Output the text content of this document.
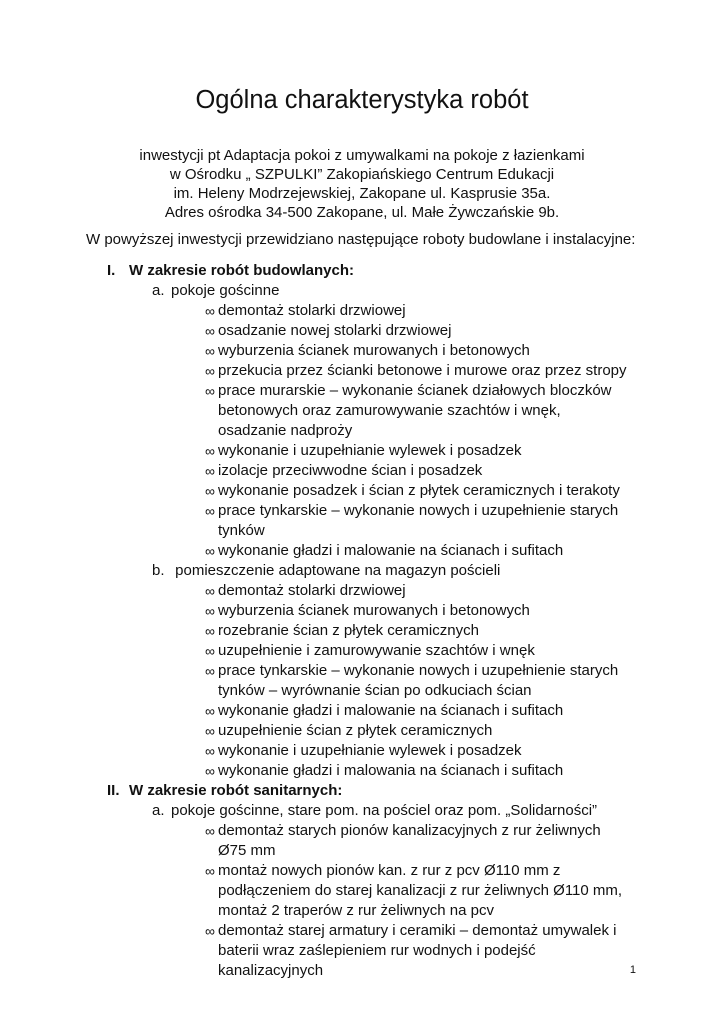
Ogólna charakterystyka robót
inwestycji pt Adaptacja pokoi z umywalkami na pokoje z łazienkami
w Ośrodku „ SZPULKI” Zakopiańskiego Centrum Edukacji
im. Heleny Modrzejewskiej, Zakopane ul. Kasprusie 35a.
Adres ośrodka 34-500 Zakopane, ul. Małe Żywczańskie 9b.
W powyższej inwestycji przewidziano następujące roboty budowlane i instalacyjne:
I. W zakresie robót budowlanych:
a. pokoje gościnne
∞ demontaż stolarki drzwiowej
∞ osadzanie nowej stolarki drzwiowej
∞ wyburzenia ścianek murowanych i betonowych
∞ przekucia przez ścianki betonowe i murowe oraz przez stropy
∞ prace murarskie – wykonanie ścianek działowych bloczków betonowych oraz zamurowywanie szachtów i wnęk, osadzanie nadproży
∞ wykonanie i uzupełnianie wylewek i posadzek
∞ izolacje przeciwwodne ścian i posadzek
∞ wykonanie posadzek i ścian z płytek ceramicznych i terakoty
∞ prace tynkarskie – wykonanie nowych i uzupełnienie starych tynków
∞ wykonanie gładzi i malowanie na ścianach i sufitach
b. pomieszczenie adaptowane na magazyn pościeli
∞ demontaż stolarki drzwiowej
∞ wyburzenia ścianek murowanych i betonowych
∞ rozebranie ścian z płytek ceramicznych
∞ uzupełnienie i zamurowywanie szachtów i wnęk
∞ prace tynkarskie – wykonanie nowych i uzupełnienie starych tynków – wyrównanie ścian po odkuciach ścian
∞ wykonanie gładzi i malowanie na ścianach i sufitach
∞ uzupełnienie ścian z płytek ceramicznych
∞ wykonanie i uzupełnianie wylewek i posadzek
∞ wykonanie gładzi i malowania na ścianach i sufitach
II. W zakresie robót sanitarnych:
a. pokoje gościnne, stare pom. na pościel oraz pom. „Solidarności”
∞ demontaż starych pionów kanalizacyjnych z rur żeliwnych Ø75 mm
∞ montaż nowych pionów kan. z rur z pcv Ø110 mm z podłączeniem do starej kanalizacji z rur żeliwnych Ø110 mm, montaż 2 traperów z rur żeliwnych na pcv
∞ demontaż starej armatury i ceramiki – demontaż umywalek i baterii wraz zaślepieniem rur wodnych i podejść kanalizacyjnych	1
